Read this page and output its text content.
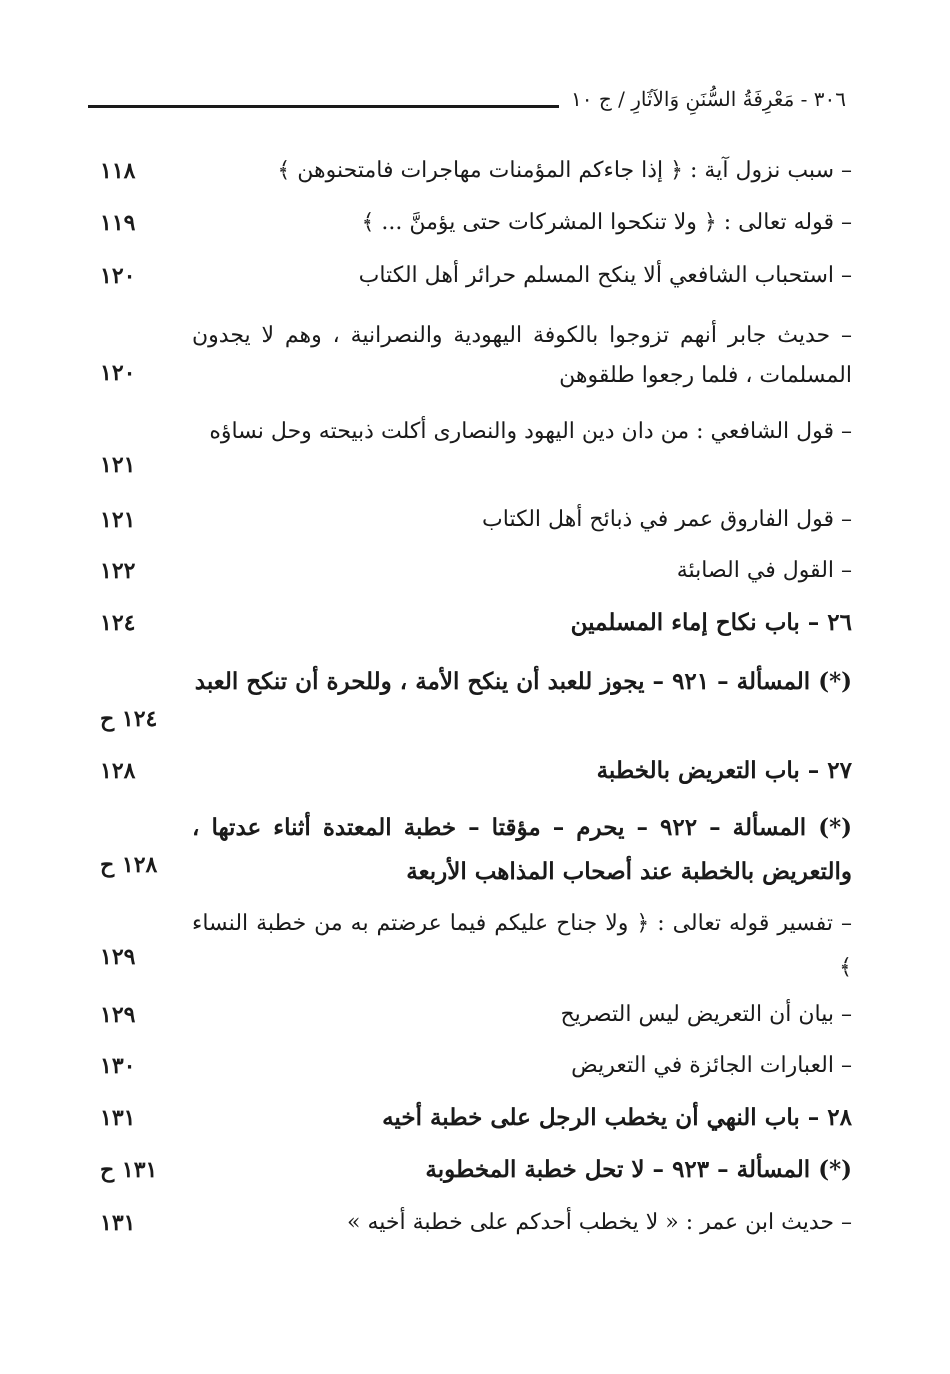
٣٠٦ - مَعْرِفَةُ السُّنَنِ وَالآثَارِ / ج ١٠
– سبب نزول آية : ﴿ إذا جاءكم المؤمنات مهاجرات فامتحنوهن ﴾
١١٨
– قوله تعالى : ﴿ ولا تنكحوا المشركات حتى يؤمنَّ ... ﴾
١١٩
– استحباب الشافعي ألا ينكح المسلم حرائر أهل الكتاب
١٢٠
– حديث جابر أنهم تزوجوا بالكوفة اليهودية والنصرانية ، وهم لا يجدون المسلمات ، فلما رجعوا طلقوهن
١٢٠
– قول الشافعي : من دان دين اليهود والنصارى أكلت ذبيحته وحل نساؤه
١٢١
– قول الفاروق عمر في ذبائح أهل الكتاب
١٢١
– القول في الصابئة
١٢٢
٢٦ – باب نكاح إماء المسلمين
١٢٤
(*) المسألة – ٩٢١ – يجوز للعبد أن ينكح الأمة ، وللحرة أن تنكح العبد
١٢٤ ح
٢٧ – باب التعريض بالخطبة
١٢٨
(*) المسألة – ٩٢٢ – يحرم – مؤقتا – خطبة المعتدة أثناء عدتها ، والتعريض بالخطبة عند أصحاب المذاهب الأربعة
١٢٨ ح
– تفسير قوله تعالى : ﴿ ولا جناح عليكم فيما عرضتم به من خطبة النساء ﴾
١٢٩
– بيان أن التعريض ليس التصريح
١٢٩
– العبارات الجائزة في التعريض
١٣٠
٢٨ – باب النهي أن يخطب الرجل على خطبة أخيه
١٣١
(*) المسألة – ٩٢٣ – لا تحل خطبة المخطوبة
١٣١ ح
– حديث ابن عمر : « لا يخطب أحدكم على خطبة أخيه »
١٣١
